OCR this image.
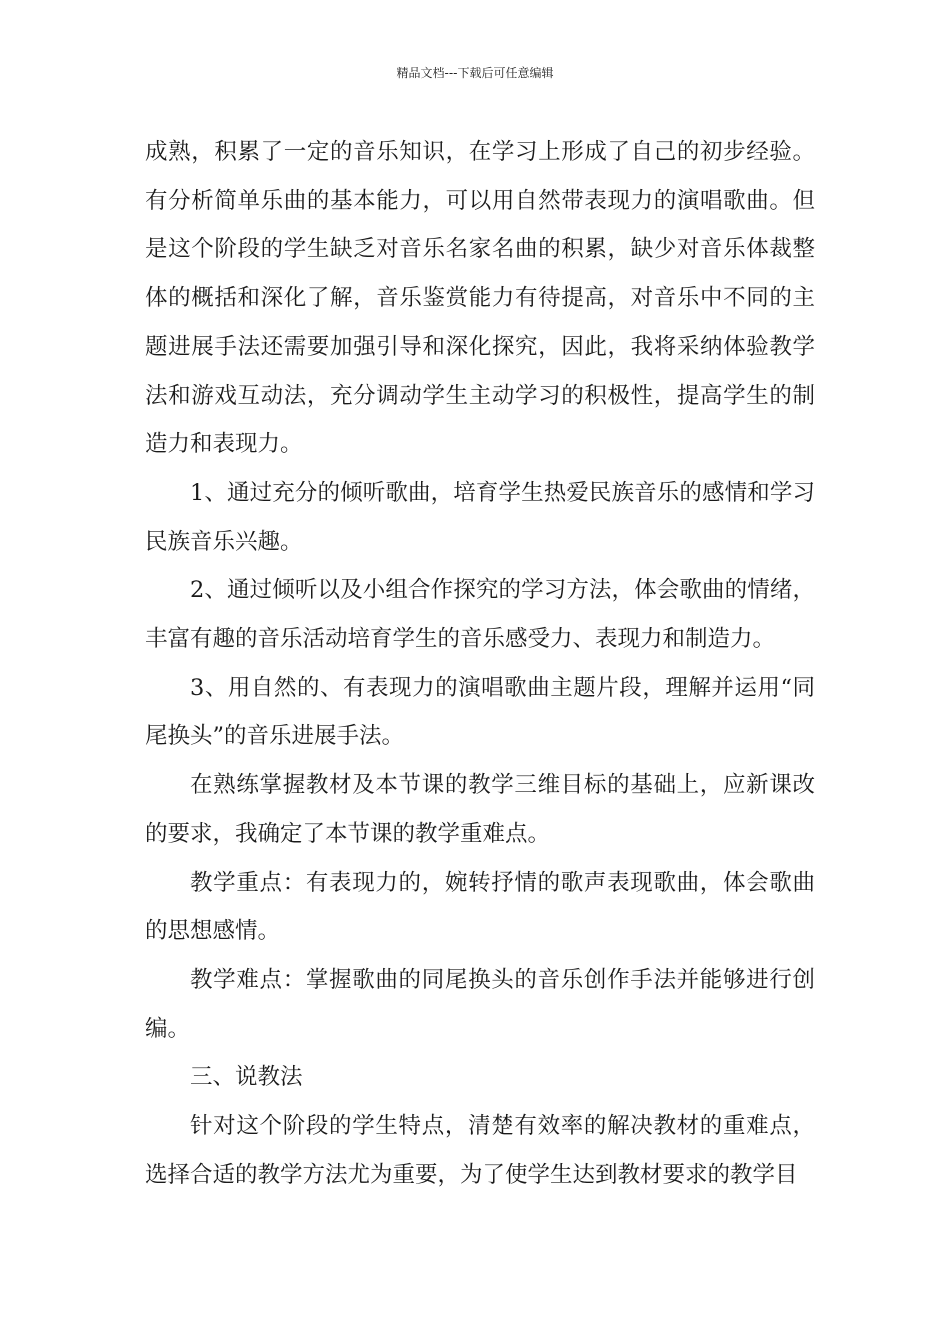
精品文档---下载后可任意编辑

成熟，积累了一定的音乐知识，在学习上形成了自己的初步经验。有分析简单乐曲的基本能力，可以用自然带表现力的演唱歌曲。但是这个阶段的学生缺乏对音乐名家名曲的积累，缺少对音乐体裁整体的概括和深化了解，音乐鉴赏能力有待提高，对音乐中不同的主题进展手法还需要加强引导和深化探究，因此，我将采纳体验教学法和游戏互动法，充分调动学生主动学习的积极性，提高学生的制造力和表现力。

1、通过充分的倾听歌曲，培育学生热爱民族音乐的感情和学习民族音乐兴趣。

2、通过倾听以及小组合作探究的学习方法，体会歌曲的情绪，丰富有趣的音乐活动培育学生的音乐感受力、表现力和制造力。

3、用自然的、有表现力的演唱歌曲主题片段，理解并运用“同尾换头”的音乐进展手法。

在熟练掌握教材及本节课的教学三维目标的基础上，应新课改的要求，我确定了本节课的教学重难点。

教学重点：有表现力的，婉转抒情的歌声表现歌曲，体会歌曲的思想感情。

教学难点：掌握歌曲的同尾换头的音乐创作手法并能够进行创编。

三、说教法

针对这个阶段的学生特点，清楚有效率的解决教材的重难点，选择合适的教学方法尤为重要，为了使学生达到教材要求的教学目
